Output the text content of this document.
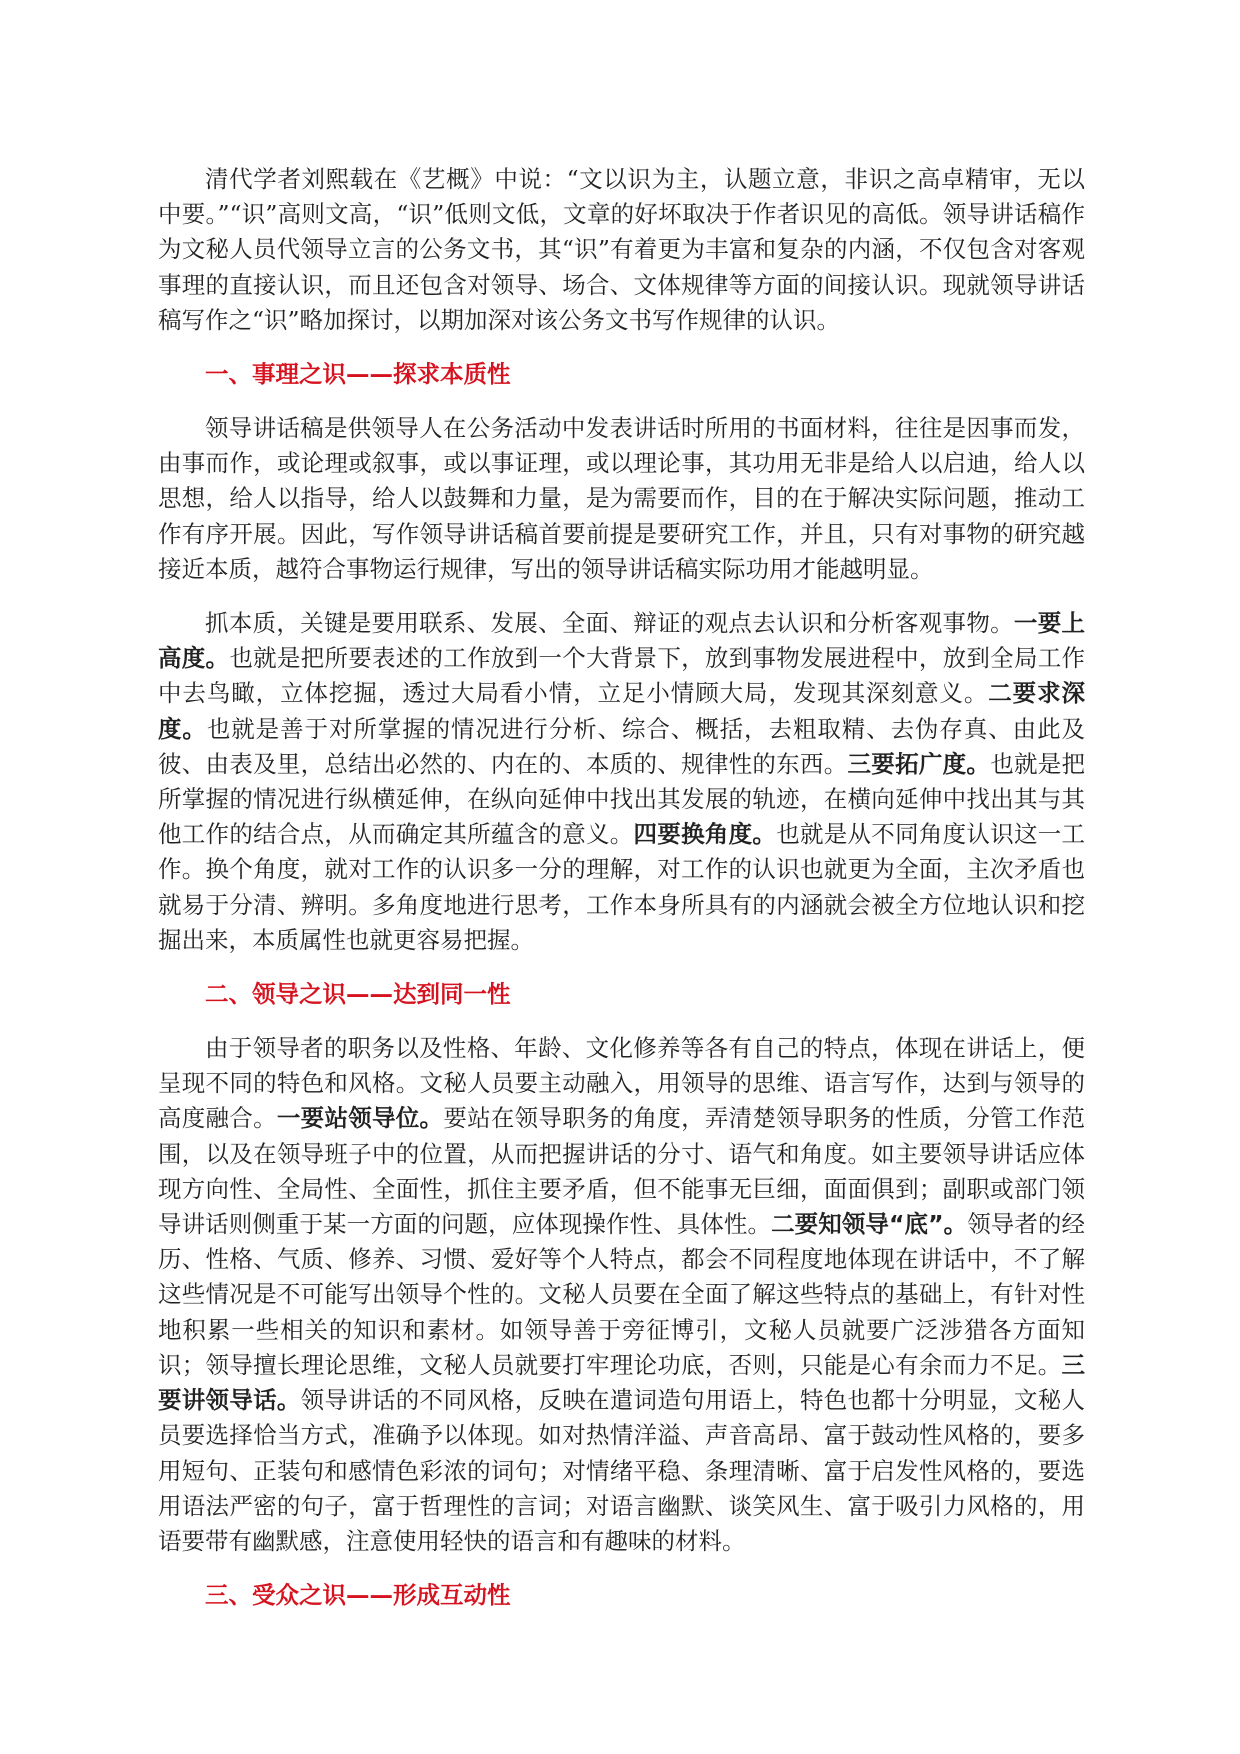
清代学者刘熙载在《艺概》中说：“文以识为主，认题立意，非识之高卓精审，无以中要。”“识”高则文高，“识”低则文低，文章的好坏取决于作者识见的高低。领导讲话稿作为文秘人员代领导立言的公务文书，其“识”有着更为丰富和复杂的内涵，不仅包含对客观事理的直接认识，而且还包含对领导、场合、文体规律等方面的间接认识。现就领导讲话稿写作之“识”略加探讨，以期加深对该公务文书写作规律的认识。

一、事理之识——探求本质性

领导讲话稿是供领导人在公务活动中发表讲话时所用的书面材料，往往是因事而发，由事而作，或论理或叙事，或以事证理，或以理论事，其功用无非是给人以启迪，给人以思想，给人以指导，给人以鼓舞和力量，是为需要而作，目的在于解决实际问题，推动工作有序开展。因此，写作领导讲话稿首要前提是要研究工作，并且，只有对事物的研究越接近本质，越符合事物运行规律，写出的领导讲话稿实际功用才能越明显。

抓本质，关键是要用联系、发展、全面、辩证的观点去认识和分析客观事物。一要上高度。也就是把所要表述的工作放到一个大背景下，放到事物发展进程中，放到全局工作中去鸟瞰，立体挖掘，透过大局看小情，立足小情顾大局，发现其深刻意义。二要求深度。也就是善于对所掌握的情况进行分析、综合、概括，去粗取精、去伪存真、由此及彼、由表及里，总结出必然的、内在的、本质的、规律性的东西。三要拓广度。也就是把所掌握的情况进行纵横延伸，在纵向延伸中找出其发展的轨迹，在横向延伸中找出其与其他工作的结合点，从而确定其所蕴含的意义。四要换角度。也就是从不同角度认识这一工作。换个角度，就对工作的认识多一分的理解，对工作的认识也就更为全面，主次矛盾也就易于分清、辨明。多角度地进行思考，工作本身所具有的内涵就会被全方位地认识和挖掘出来，本质属性也就更容易把握。

二、领导之识——达到同一性

由于领导者的职务以及性格、年龄、文化修养等各有自己的特点，体现在讲话上，便呈现不同的特色和风格。文秘人员要主动融入，用领导的思维、语言写作，达到与领导的高度融合。一要站领导位。要站在领导职务的角度，弄清楚领导职务的性质，分管工作范围，以及在领导班子中的位置，从而把握讲话的分寸、语气和角度。如主要领导讲话应体现方向性、全局性、全面性，抓住主要矛盾，但不能事无巨细，面面俱到；副职或部门领导讲话则侧重于某一方面的问题，应体现操作性、具体性。二要知领导“底”。领导者的经历、性格、气质、修养、习惯、爱好等个人特点，都会不同程度地体现在讲话中，不了解这些情况是不可能写出领导个性的。文秘人员要在全面了解这些特点的基础上，有针对性地积累一些相关的知识和素材。如领导善于旁征博引，文秘人员就要广泛涉猎各方面知识；领导擅长理论思维，文秘人员就要打牢理论功底，否则，只能是心有余而力不足。三要讲领导话。领导讲话的不同风格，反映在遣词造句用语上，特色也都十分明显，文秘人员要选择恰当方式，准确予以体现。如对热情洋溢、声音高昂、富于鼓动性风格的，要多用短句、正装句和感情色彩浓的词句；对情绪平稳、条理清晰、富于启发性风格的，要选用语法严密的句子，富于哲理性的言词；对语言幽默、谈笑风生、富于吸引力风格的，用语要带有幽默感，注意使用轻快的语言和有趣味的材料。

三、受众之识——形成互动性
